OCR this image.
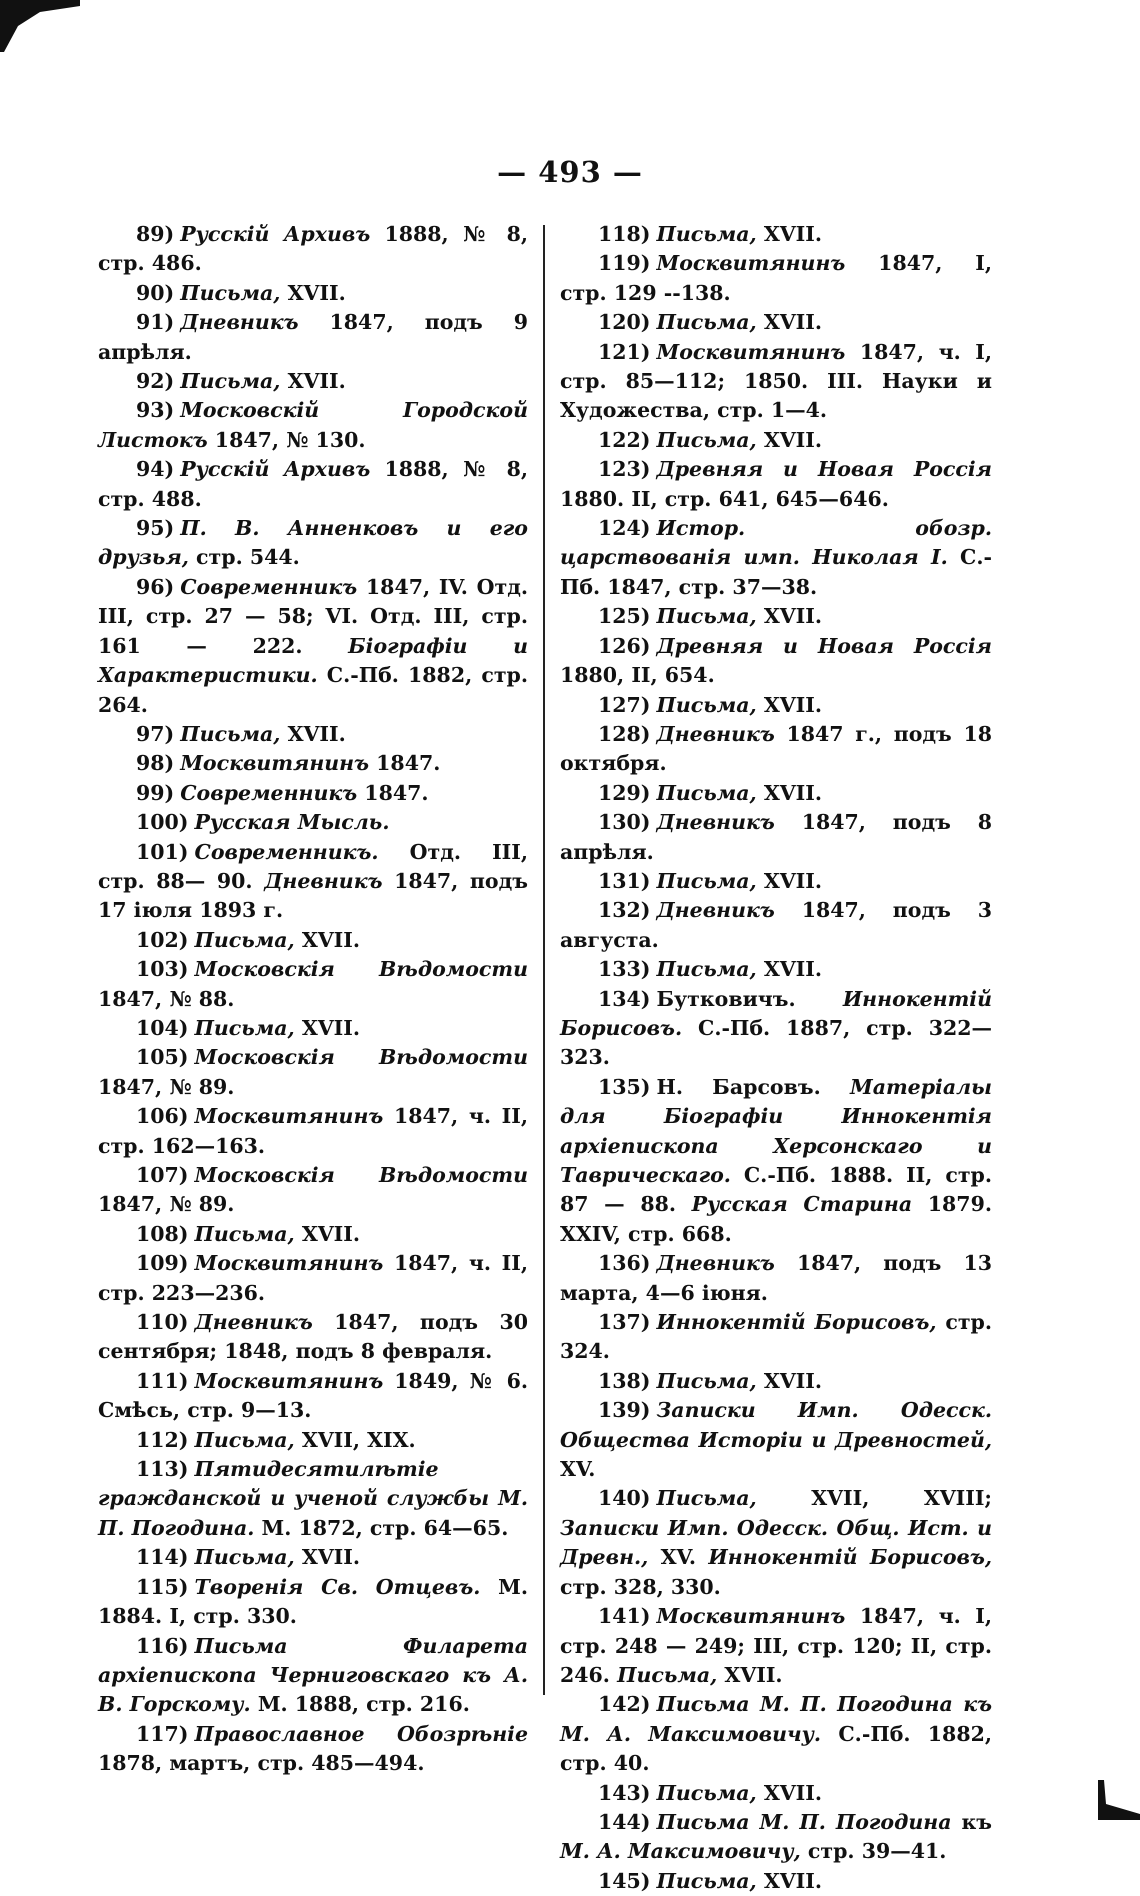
— 493 —

89) Русскій Архивъ 1888, № 8, стр. 486.

90) Письма, XVII.

91) Дневникъ 1847, подъ 9 апрѣля.

92) Письма, XVII.

93) Московскій Городской Листокъ 1847, № 130.

94) Русскій Архивъ 1888, № 8, стр. 488.

95) П. В. Анненковъ и его друзья, стр. 544.

96) Современникъ 1847, IV. Отд. III, стр. 27 — 58; VI. Отд. III, стр. 161 — 222. Біографіи и Характеристики. С.-Пб. 1882, стр. 264.

97) Письма, XVII.

98) Москвитянинъ 1847.

99) Современникъ 1847.

100) Русская Мысль.

101) Современникъ. Отд. III, стр. 88— 90. Дневникъ 1847, подъ 17 іюля 1893 г.

102) Письма, XVII.

103) Московскія Вѣдомости 1847, № 88.

104) Письма, XVII.

105) Московскія Вѣдомости 1847, № 89.

106) Москвитянинъ 1847, ч. II, стр. 162—163.

107) Московскія Вѣдомости 1847, № 89.

108) Письма, XVII.

109) Москвитянинъ 1847, ч. II, стр. 223—236.

110) Дневникъ 1847, подъ 30 сентября; 1848, подъ 8 февраля.

111) Москвитянинъ 1849, № 6. Смѣсь, стр. 9—13.

112) Письма, XVII, XIX.

113) Пятидесятилѣтіе гражданской и ученой службы М. П. Погодина. М. 1872, стр. 64—65.

114) Письма, XVII.

115) Творенія Св. Отцевъ. М. 1884. I, стр. 330.

116) Письма Филарета архіепископа Черниговскаго къ А. В. Горскому. М. 1888, стр. 216.

117) Православное Обозрѣніе 1878, мартъ, стр. 485—494.

118) Письма, XVII.

119) Москвитянинъ 1847, I, стр. 129 --138.

120) Письма, XVII.

121) Москвитянинъ 1847, ч. I, стр. 85—112; 1850. III. Науки и Художества, стр. 1—4.

122) Письма, XVII.

123) Древняя и Новая Россія 1880. II, стр. 641, 645—646.

124) Истор. обозр. царствованія имп. Николая I. С.-Пб. 1847, стр. 37—38.

125) Письма, XVII.

126) Древняя и Новая Россія 1880, II, 654.

127) Письма, XVII.

128) Дневникъ 1847 г., подъ 18 октября.

129) Письма, XVII.

130) Дневникъ 1847, подъ 8 апрѣля.

131) Письма, XVII.

132) Дневникъ 1847, подъ 3 августа.

133) Письма, XVII.

134) Бутковичъ. Иннокентій Борисовъ. С.-Пб. 1887, стр. 322—323.

135) Н. Барсовъ. Матеріалы для Біографіи Иннокентія архіепископа Херсонскаго и Таврическаго. С.-Пб. 1888. II, стр. 87 — 88. Русская Старина 1879. XXIV, стр. 668.

136) Дневникъ 1847, подъ 13 марта, 4—6 іюня.

137) Иннокентій Борисовъ, стр. 324.

138) Письма, XVII.

139) Записки Имп. Одесск. Общества Исторіи и Древностей, XV.

140) Письма, XVII, XVIII; Записки Имп. Одесск. Общ. Ист. и Древн., XV. Иннокентій Борисовъ, стр. 328, 330.

141) Москвитянинъ 1847, ч. I, стр. 248 — 249; III, стр. 120; II, стр. 246. Письма, XVII.

142) Письма М. П. Погодина къ М. А. Максимовичу. С.-Пб. 1882, стр. 40.

143) Письма, XVII.

144) Письма М. П. Погодина къ М. А. Максимовичу, стр. 39—41.

145) Письма, XVII.
